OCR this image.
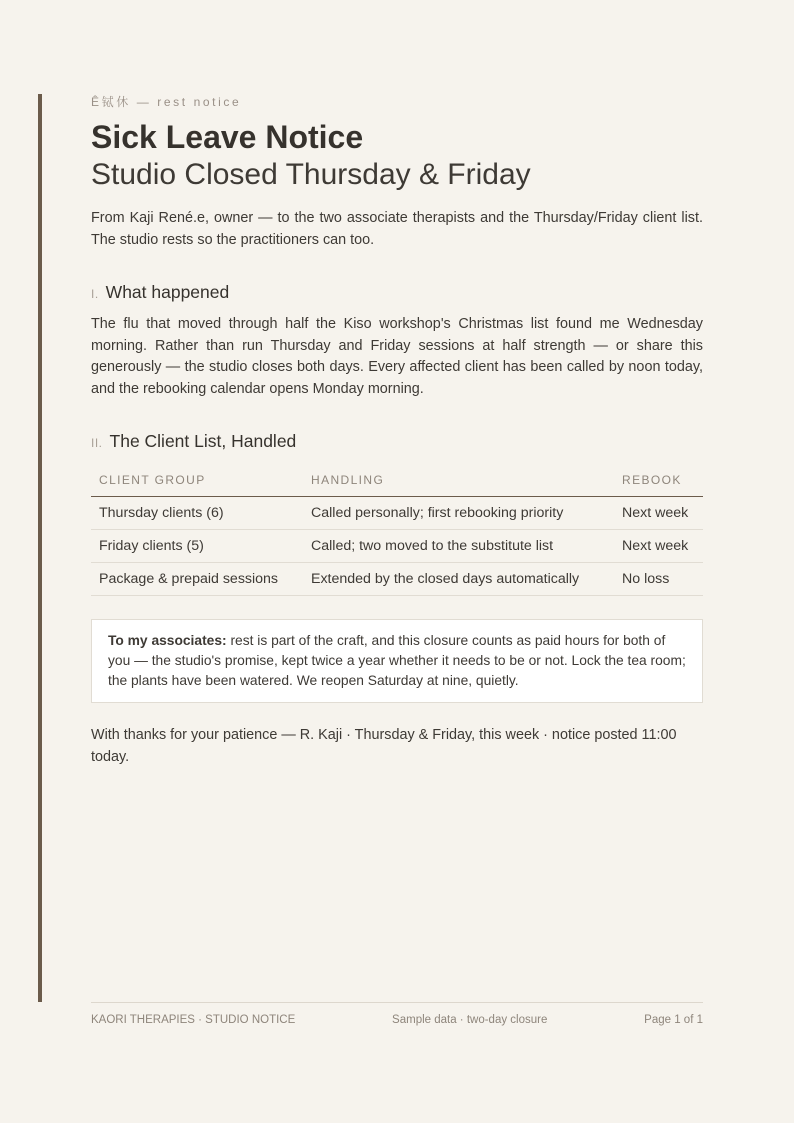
Ê铽休 — rest notice
Sick Leave Notice
Studio Closed Thursday & Friday

From Kaji René.e, owner — to the two associate therapists and the Thursday/Friday client list. The studio rests so the practitioners can too.

I. What happened

The flu that moved through half the Kiso workshop's Christmas list found me Wednesday morning. Rather than run Thursday and Friday sessions at half strength — or share this generously — the studio closes both days. Every affected client has been called by noon today, and the rebooking calendar opens Monday morning.

II. The Client List, Handled
CLIENT GROUP	HANDLING	REBOOK
Thursday clients (6)	Called personally; first rebooking priority	Next week
Friday clients (5)	Called; two moved to the substitute list	Next week
Package & prepaid sessions	Extended by the closed days automatically	No loss
To my associates: rest is part of the craft, and this closure counts as paid hours for both of you — the studio's promise, kept twice a year whether it needs to be or not. Lock the tea room; the plants have been watered. We reopen Saturday at nine, quietly.

With thanks for your patience — R. Kaji · Thursday & Friday, this week · notice posted 11:00 today.

KAORI THERAPIES · STUDIO NOTICE	Sample data · two-day closure	Page 1 of 1
